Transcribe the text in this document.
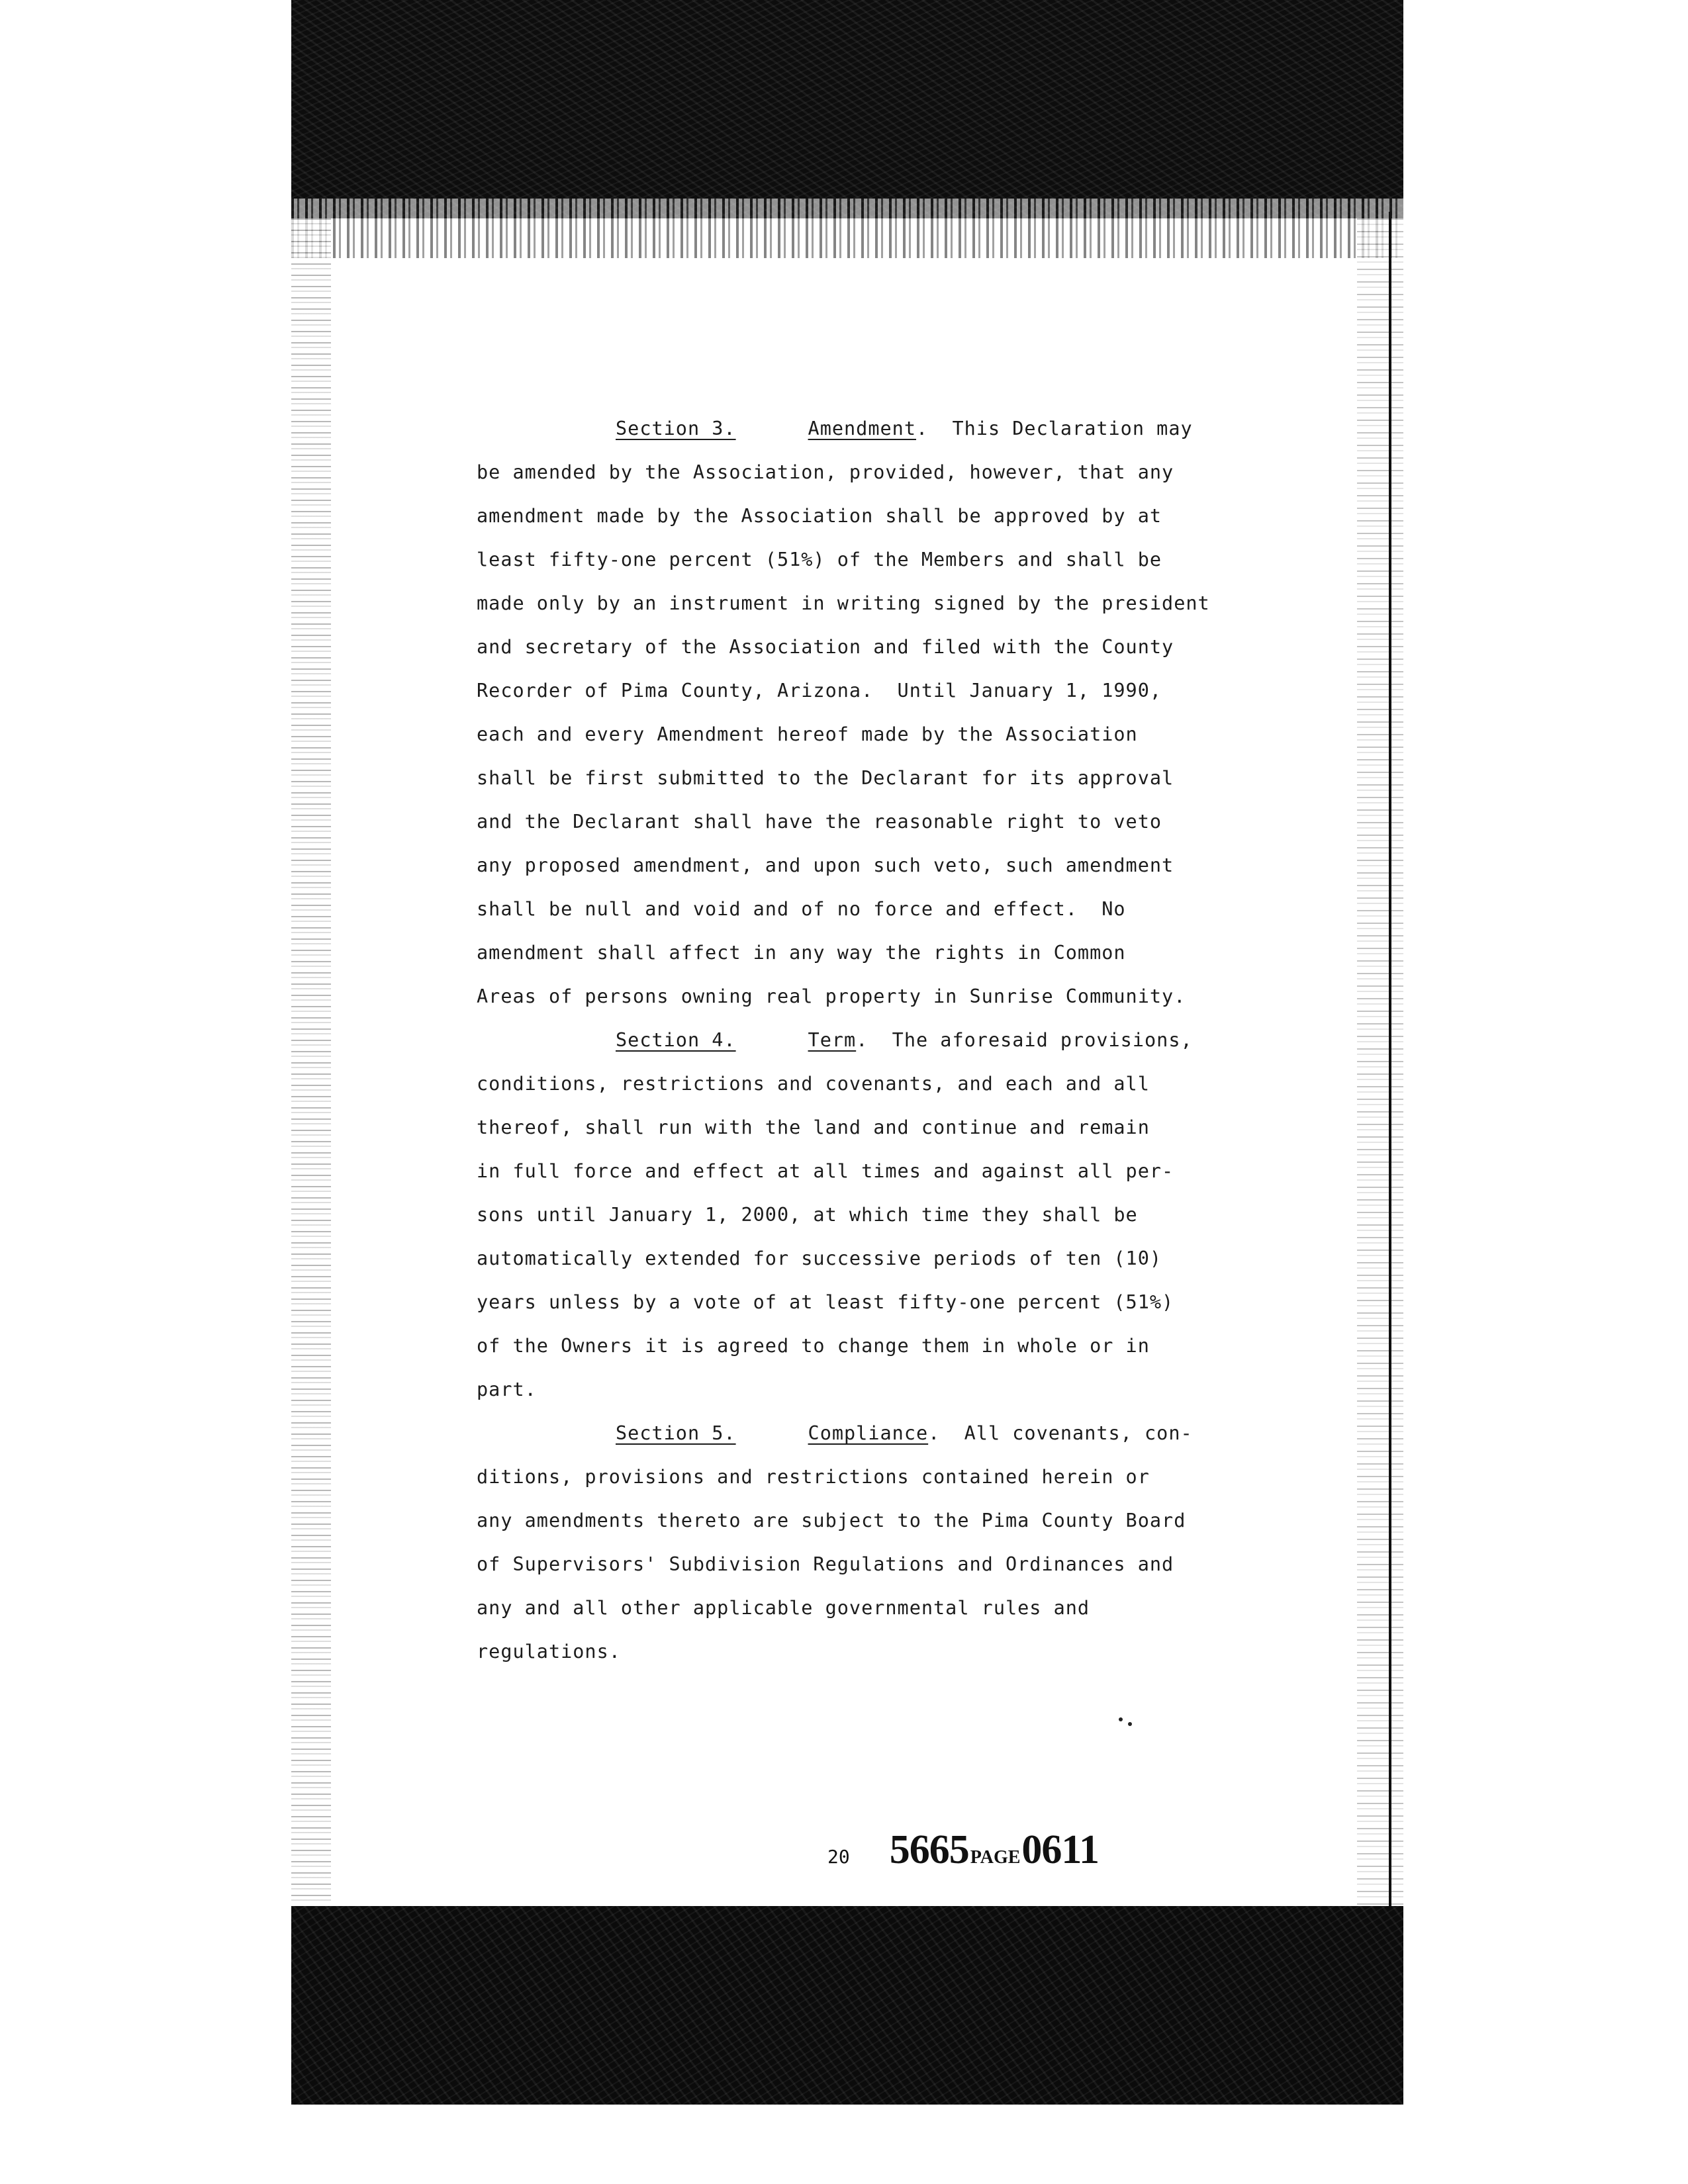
Section 3.	Amendment.  This Declaration may
be amended by the Association, provided, however, that any
amendment made by the Association shall be approved by at
least fifty-one percent (51%) of the Members and shall be
made only by an instrument in writing signed by the president
and secretary of the Association and filed with the County
Recorder of Pima County, Arizona.  Until January 1, 1990,
each and every Amendment hereof made by the Association
shall be first submitted to the Declarant for its approval
and the Declarant shall have the reasonable right to veto
any proposed amendment, and upon such veto, such amendment
shall be null and void and of no force and effect.  No
amendment shall affect in any way the rights in Common
Areas of persons owning real property in Sunrise Community.
Section 4.	Term.  The aforesaid provisions,
conditions, restrictions and covenants, and each and all
thereof, shall run with the land and continue and remain
in full force and effect at all times and against all per-
sons until January 1, 2000, at which time they shall be
automatically extended for successive periods of ten (10)
years unless by a vote of at least fifty-one percent (51%)
of the Owners it is agreed to change them in whole or in
part.
Section 5.	Compliance.  All covenants, con-
ditions, provisions and restrictions contained herein or
any amendments thereto are subject to the Pima County Board
of Supervisors' Subdivision Regulations and Ordinances and
any and all other applicable governmental rules and
regulations.
20 5665 PAGE 0611
